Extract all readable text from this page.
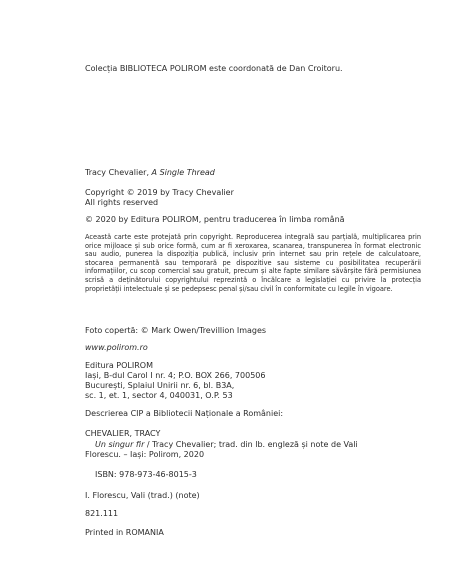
Colecția BIBLIOTECA POLIROM este coordonată de Dan Croitoru.

Tracy Chevalier, A Single Thread

Copyright © 2019 by Tracy Chevalier

All rights reserved

© 2020 by Editura POLIROM, pentru traducerea în limba română

Această carte este protejată prin copyright. Reproducerea integrală sau parțială, multiplicarea prin orice mijloace și sub orice formă, cum ar fi xeroxarea, scanarea, transpunerea în format electronic sau audio, punerea la dispoziția publică, inclusiv prin internet sau prin rețele de calculatoare, stocarea permanentă sau temporară pe dispozitive sau sisteme cu posibilitatea recuperării informațiilor, cu scop comercial sau gratuit, precum și alte fapte similare săvârșite fără permisiunea scrisă a deținătorului copyrightului reprezintă o încălcare a legislației cu privire la protecția proprietății intelectuale și se pedepsesc penal și/sau civil în conformitate cu legile în vigoare.

Foto copertă: © Mark Owen/Trevillion Images

www.polirom.ro

Editura POLIROM
Iași, B-dul Carol I nr. 4; P.O. BOX 266, 700506
București, Splaiul Unirii nr. 6, bl. B3A,
sc. 1, et. 1, sector 4, 040031, O.P. 53

Descrierea CIP a Bibliotecii Naționale a României:

CHEVALIER, TRACY

Un singur fir / Tracy Chevalier; trad. din lb. engleză și note de Vali

Florescu. – Iași: Polirom, 2020

ISBN: 978-973-46-8015-3

I. Florescu, Vali (trad.) (note)

821.111

Printed in ROMANIA
